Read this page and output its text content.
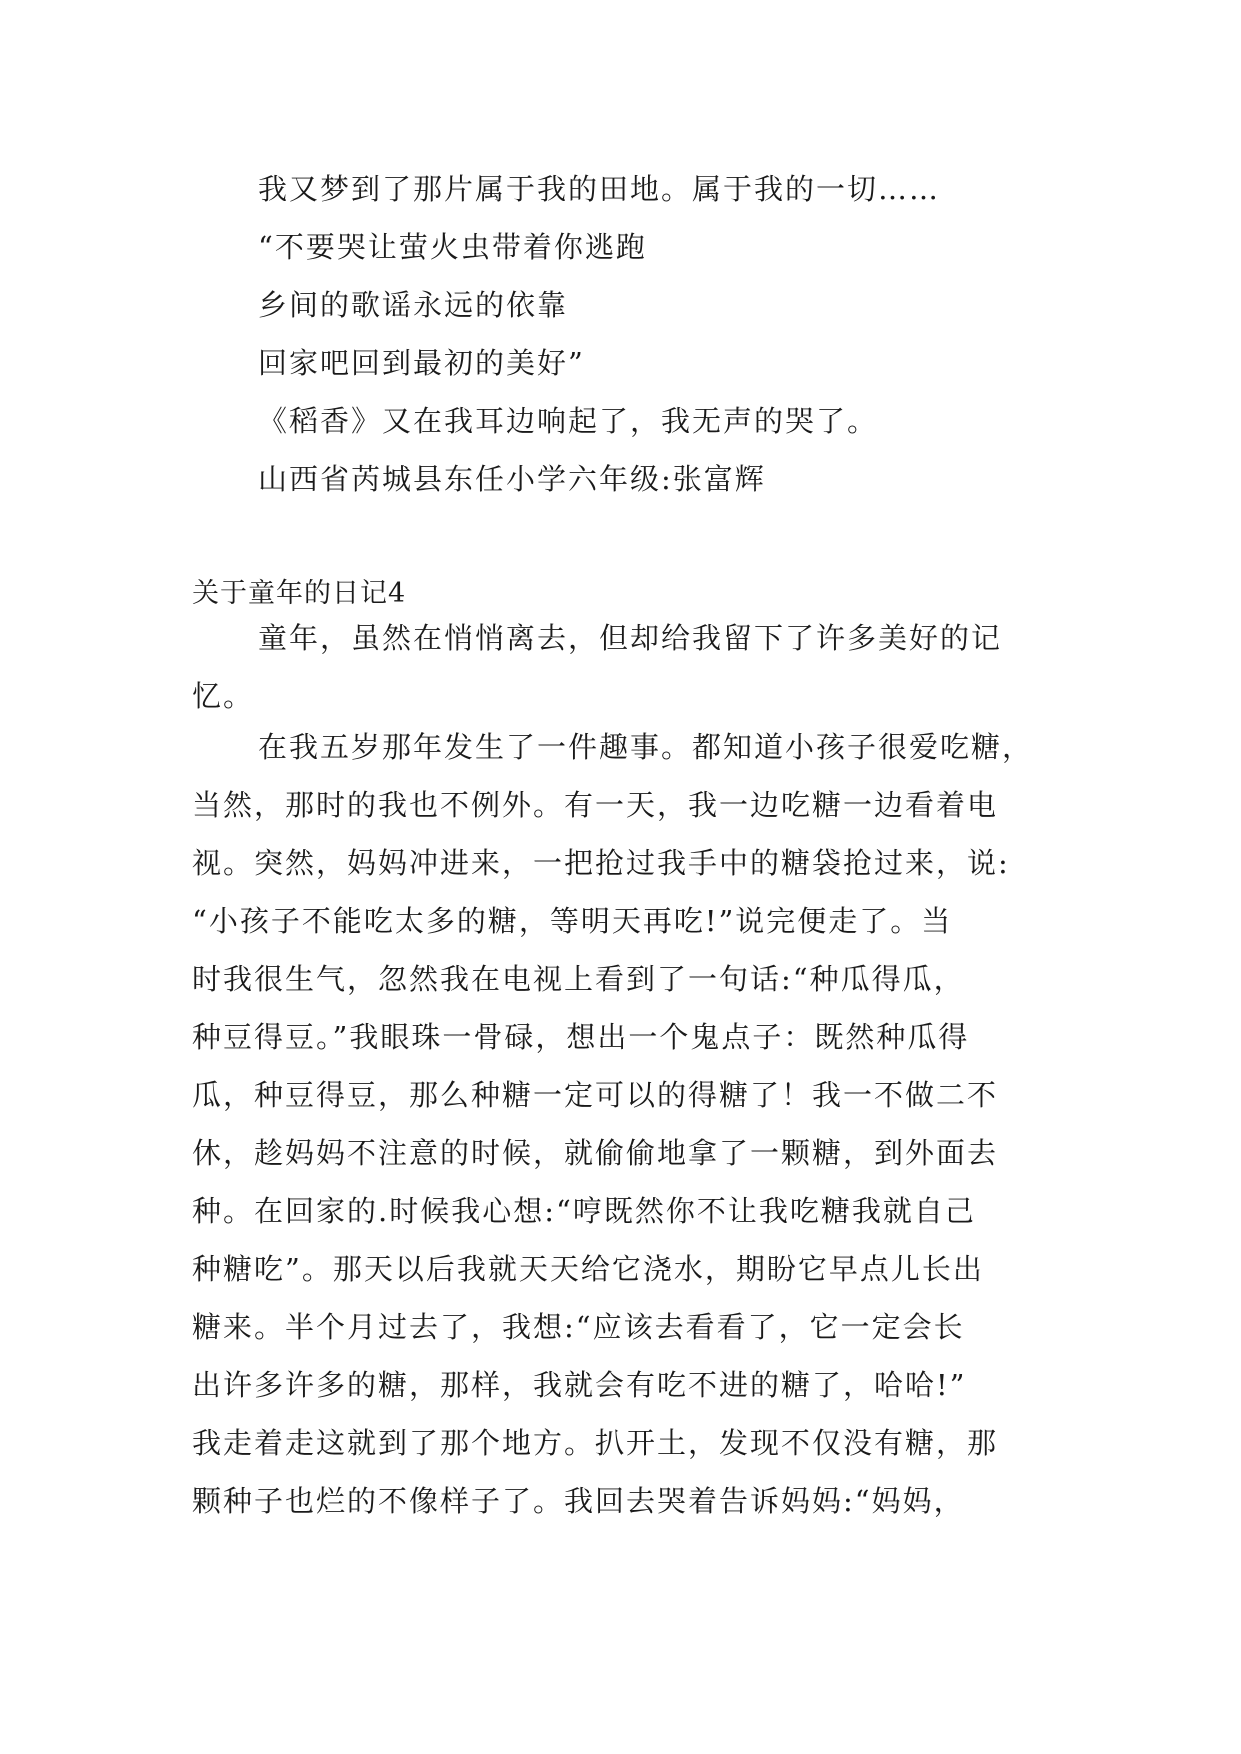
我又梦到了那片属于我的田地。属于我的一切……
“不要哭让萤火虫带着你逃跑
乡间的歌谣永远的依靠
回家吧回到最初的美好”
《稻香》又在我耳边响起了，我无声的哭了。
山西省芮城县东任小学六年级:张富辉
关于童年的日记4
童年，虽然在悄悄离去，但却给我留下了许多美好的记
忆。
在我五岁那年发生了一件趣事。都知道小孩子很爱吃糖，
当然，那时的我也不例外。有一天，我一边吃糖一边看着电
视。突然，妈妈冲进来，一把抢过我手中的糖袋抢过来，说:
“小孩子不能吃太多的糖，等明天再吃!”说完便走了。当
时我很生气，忽然我在电视上看到了一句话:“种瓜得瓜，
种豆得豆。”我眼珠一骨碌，想出一个鬼点子：既然种瓜得
瓜，种豆得豆，那么种糖一定可以的得糖了！我一不做二不
休，趁妈妈不注意的时候，就偷偷地拿了一颗糖，到外面去
种。在回家的.时候我心想:“哼既然你不让我吃糖我就自己
种糖吃”。那天以后我就天天给它浇水，期盼它早点儿长出
糖来。半个月过去了，我想:“应该去看看了，它一定会长
出许多许多的糖，那样，我就会有吃不进的糖了，哈哈!”
我走着走这就到了那个地方。扒开土，发现不仅没有糖，那
颗种子也烂的不像样子了。我回去哭着告诉妈妈:“妈妈，
